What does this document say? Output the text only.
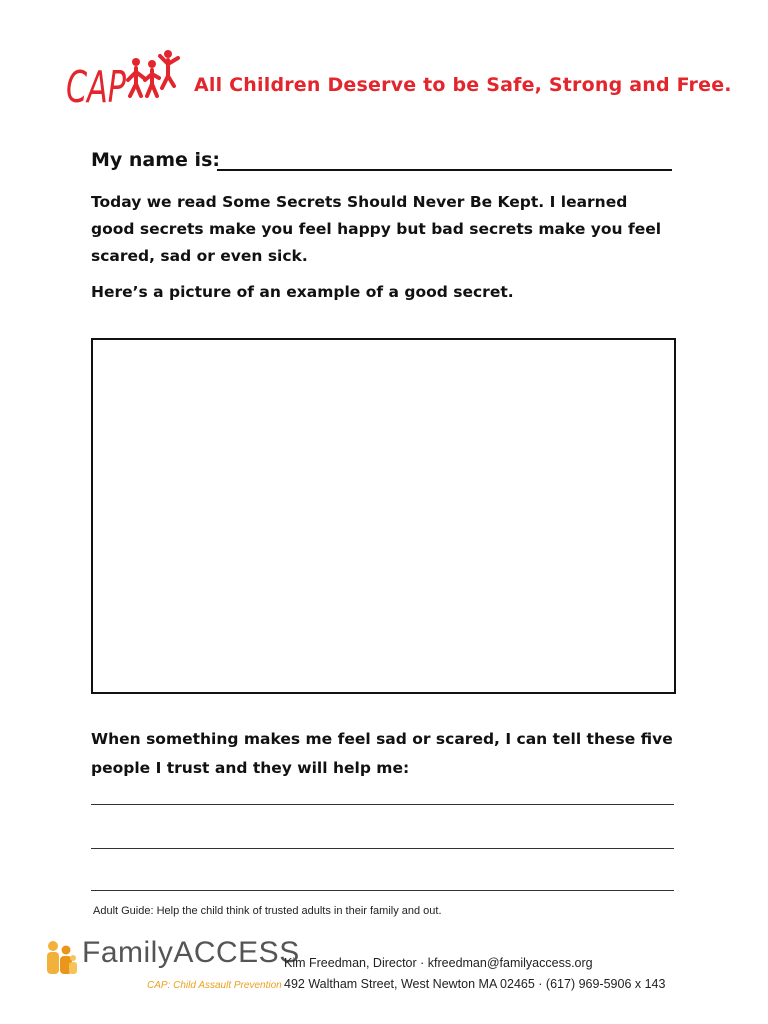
CAP	All Children Deserve to be Safe, Strong and Free.
My name is:
Today we read Some Secrets Should Never Be Kept. I learned
good secrets make you feel happy but bad secrets make you feel
scared, sad or even sick.
Here’s a picture of an example of a good secret.
When something makes me feel sad or scared, I can tell these five
people I trust and they will help me:
Adult Guide: Help the child think of trusted adults in their family and out.
FamilyACCESS
CAP: Child Assault Prevention
Kim Freedman, Director · kfreedman@familyaccess.org
492 Waltham Street, West Newton MA 02465 · (617) 969-5906 x 143
